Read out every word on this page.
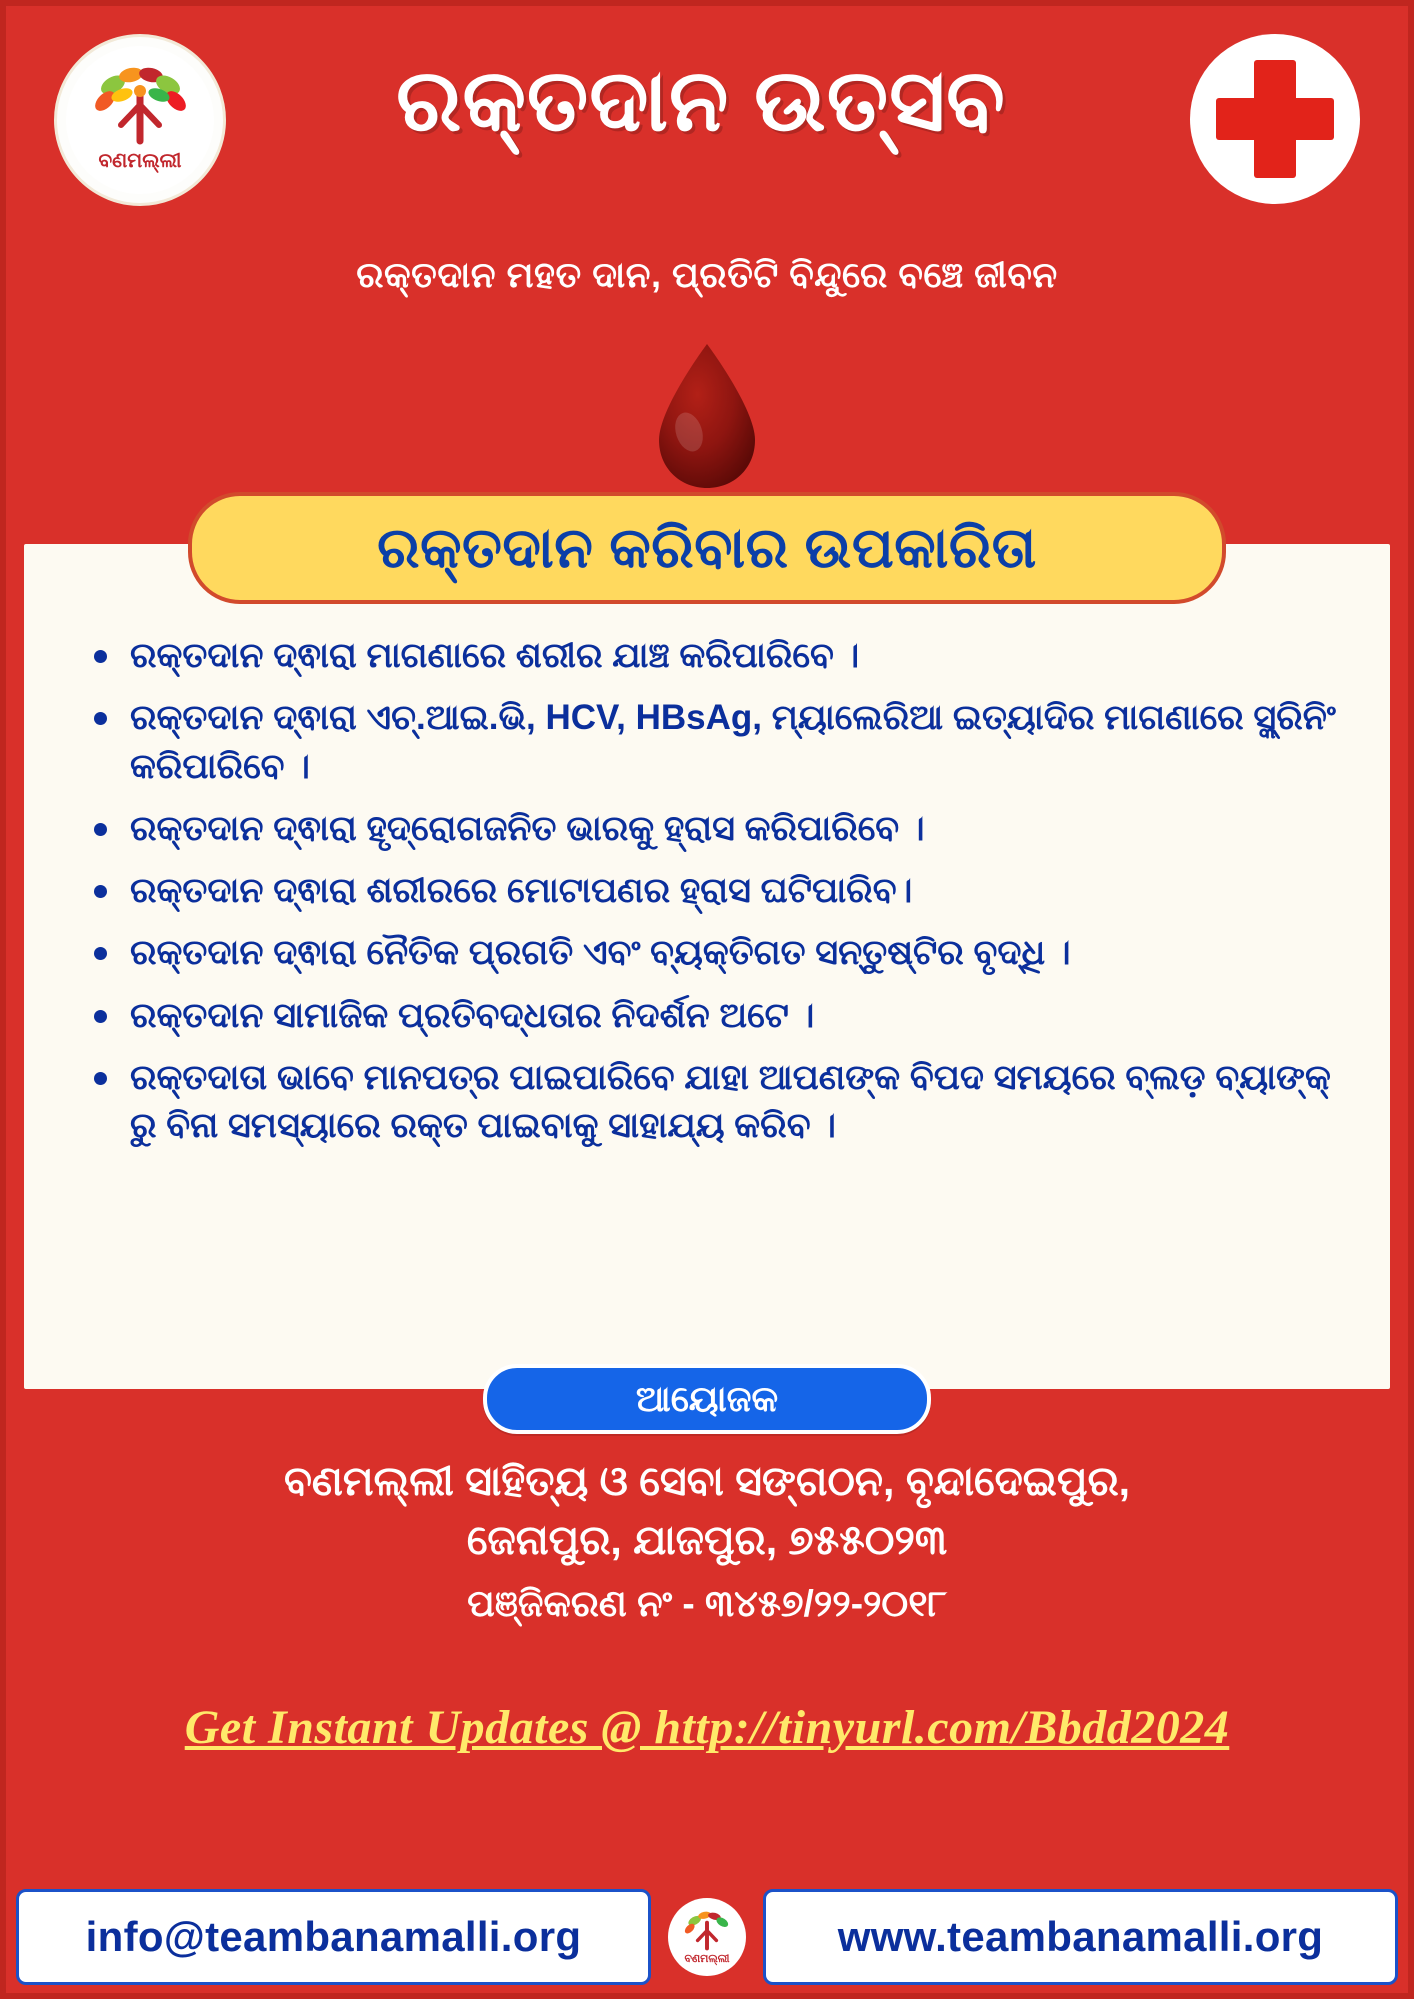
ବଣମଲ୍ଲୀ
ରକ୍ତଦାନ ଉତ୍ସବ
ରକ୍ତଦାନ ମହତ ଦାନ, ପ୍ରତିଟି ବିନ୍ଦୁରେ ବଞ୍ଚେ ଜୀବନ
ରକ୍ତଦାନ କରିବାର ଉପକାରିତା
ରକ୍ତଦାନ ଦ୍ଵାରା ମାଗଣାରେ ଶରୀର ଯାଞ୍ଚ କରିପାରିବେ ।
ରକ୍ତଦାନ ଦ୍ଵାରା ଏଚ୍.ଆଇ.ଭି, HCV, HBsAg, ମ୍ୟାଲେରିଆ ଇତ୍ୟାଦିର ମାଗଣାରେ ସ୍କ୍ରିନିଂ କରିପାରିବେ ।
ରକ୍ତଦାନ ଦ୍ଵାରା ହୃଦ୍‌ରୋଗଜନିତ ଭାରକୁ ହ୍ରାସ କରିପାରିବେ ।
ରକ୍ତଦାନ ଦ୍ଵାରା ଶରୀରରେ ମୋଟାପଣର ହ୍ରାସ ଘଟିପାରିବ।
ରକ୍ତଦାନ ଦ୍ଵାରା ନୈତିକ ପ୍ରଗତି ଏବଂ ବ୍ୟକ୍ତିଗତ ସନ୍ତୁଷ୍ଟିର ବୃଦ୍ଧି ।
ରକ୍ତଦାନ ସାମାଜିକ ପ୍ରତିବଦ୍ଧତାର ନିଦର୍ଶନ ଅଟେ ।
ରକ୍ତଦାତା ଭାବେ ମାନପତ୍ର ପାଇପାରିବେ ଯାହା ଆପଣଙ୍କ ବିପଦ ସମୟରେ ବ୍ଲଡ଼ ବ୍ୟାଙ୍କ୍ ରୁ ବିନା ସମସ୍ୟାରେ ରକ୍ତ ପାଇବାକୁ ସାହାଯ୍ୟ କରିବ ।
ଆୟୋଜକ
ବଣମଲ୍ଲୀ ସାହିତ୍ୟ ଓ ସେବା ସଙ୍ଗଠନ, ବୃନ୍ଦାଦେଇପୁର,
ଜେନାପୁର, ଯାଜପୁର, ୭୫୫୦୨୩
ପଞ୍ଜିକରଣ ନଂ - ୩୪୫୭/୨୨-୨୦୧୮
Get Instant Updates @ http://tinyurl.com/Bbdd2024
info@teambanamalli.org	ବଣମଲ୍ଲୀ	www.teambanamalli.org
